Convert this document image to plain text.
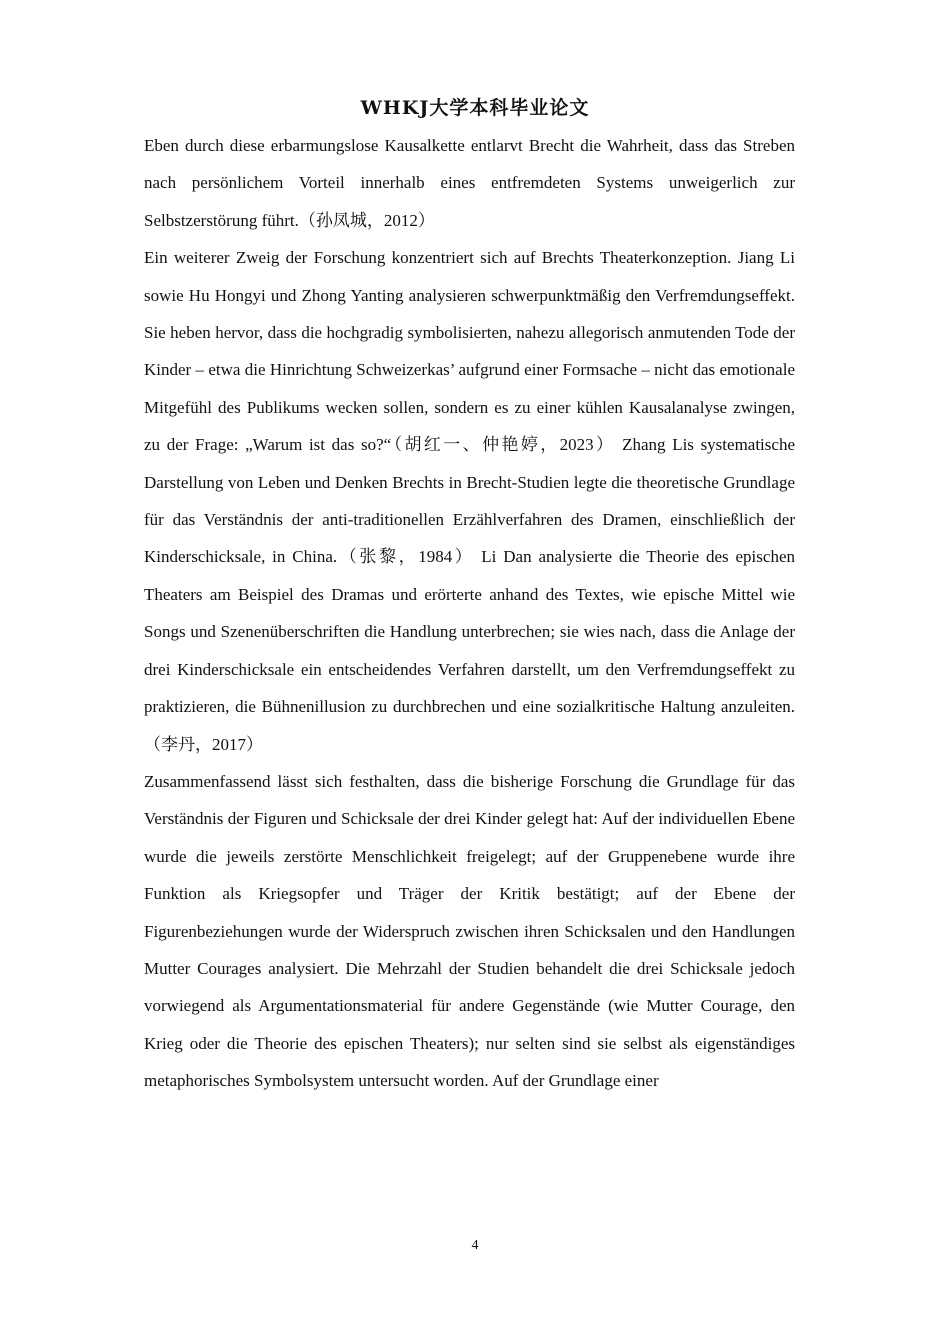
WHKJ大学本科毕业论文

Eben durch diese erbarmungslose Kausalkette entlarvt Brecht die Wahrheit, dass das Streben nach persönlichem Vorteil innerhalb eines entfremdeten Systems unweigerlich zur Selbstzerstörung führt.（孙凤城，2012）

Ein weiterer Zweig der Forschung konzentriert sich auf Brechts Theaterkonzeption. Jiang Li sowie Hu Hongyi und Zhong Yanting analysieren schwerpunktmäßig den Verfremdungseffekt. Sie heben hervor, dass die hochgradig symbolisierten, nahezu allegorisch anmutenden Tode der Kinder – etwa die Hinrichtung Schweizerkas’ aufgrund einer Formsache – nicht das emotionale Mitgefühl des Publikums wecken sollen, sondern es zu einer kühlen Kausalanalyse zwingen, zu der Frage: „Warum ist das so?“（胡红一、仲艳婷，2023） Zhang Lis systematische Darstellung von Leben und Denken Brechts in Brecht-Studien legte die theoretische Grundlage für das Verständnis der anti-traditionellen Erzählverfahren des Dramen, einschließlich der Kinderschicksale, in China.（张黎，1984） Li Dan analysierte die Theorie des epischen Theaters am Beispiel des Dramas und erörterte anhand des Textes, wie epische Mittel wie Songs und Szenenüberschriften die Handlung unterbrechen; sie wies nach, dass die Anlage der drei Kinderschicksale ein entscheidendes Verfahren darstellt, um den Verfremdungseffekt zu praktizieren, die Bühnenillusion zu durchbrechen und eine sozialkritische Haltung anzuleiten.（李丹，2017）

Zusammenfassend lässt sich festhalten, dass die bisherige Forschung die Grundlage für das Verständnis der Figuren und Schicksale der drei Kinder gelegt hat: Auf der individuellen Ebene wurde die jeweils zerstörte Menschlichkeit freigelegt; auf der Gruppenebene wurde ihre Funktion als Kriegsopfer und Träger der Kritik bestätigt; auf der Ebene der Figurenbeziehungen wurde der Widerspruch zwischen ihren Schicksalen und den Handlungen Mutter Courages analysiert. Die Mehrzahl der Studien behandelt die drei Schicksale jedoch vorwiegend als Argumentationsmaterial für andere Gegenstände (wie Mutter Courage, den Krieg oder die Theorie des epischen Theaters); nur selten sind sie selbst als eigenständiges metaphorisches Symbolsystem untersucht worden. Auf der Grundlage einer

4
